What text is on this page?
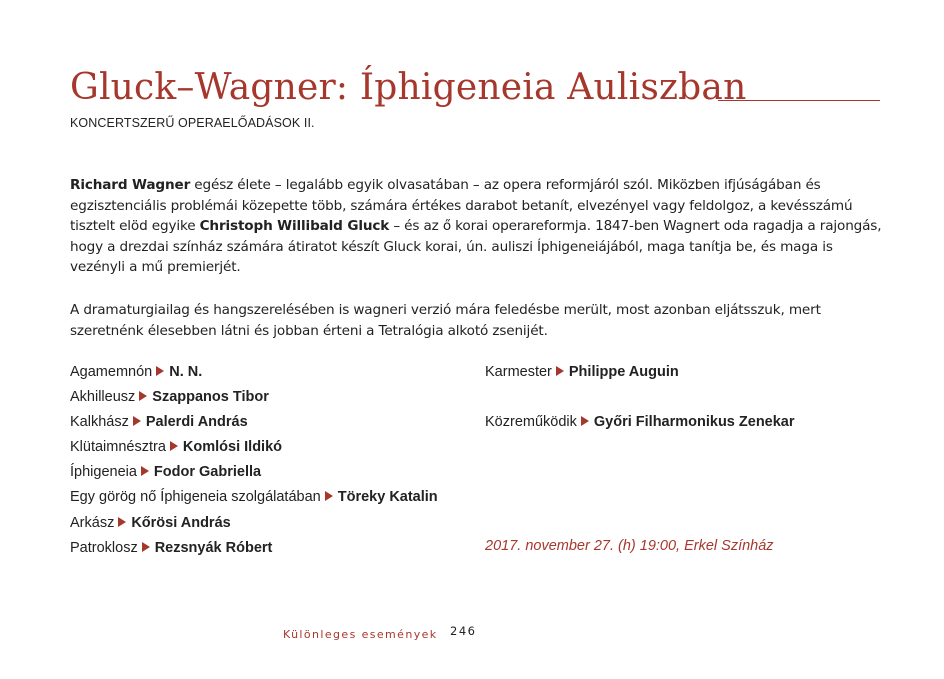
Gluck–Wagner: Íphigeneia Auliszban
KONCERTSZERŰ OPERAELŐADÁSOK II.

Richard Wagner egész élete – legalább egyik olvasatában – az opera reformjáról szól. Miközben ifjúságában és egzisztenciális problémái közepette több, számára értékes darabot betanít, elvezényel vagy feldolgoz, a kevésszámú tisztelt elöd egyike Christoph Willibald Gluck – és az ő korai operareformja. 1847-ben Wagnert oda ragadja a rajongás, hogy a drezdai színház számára átiratot készít Gluck korai, ún. auliszi Íphigeneiájából, maga tanítja be, és maga is vezényli a mű premierjét.

A dramaturgiailag és hangszerelésében is wagneri verzió mára feledésbe merült, most azonban eljátsszuk, mert szeretnénk élesebben látni és jobban érteni a Tetralógia alkotó zsenijét.

Agamemnón N. N.
Akhilleusz Szappanos Tibor
Kalkhász Palerdi András
Klütaimnésztra Komlósi Ildikó
Íphigeneia Fodor Gabriella
Egy görög nő Íphigeneia szolgálatában Töreky Katalin
Arkász Kőrösi András
Patroklosz Rezsnyák Róbert
Karmester Philippe Auguin
Közreműködik Győri Filharmonikus Zenekar
2017. november 27. (h) 19:00, Erkel Színház
Különleges események 246
